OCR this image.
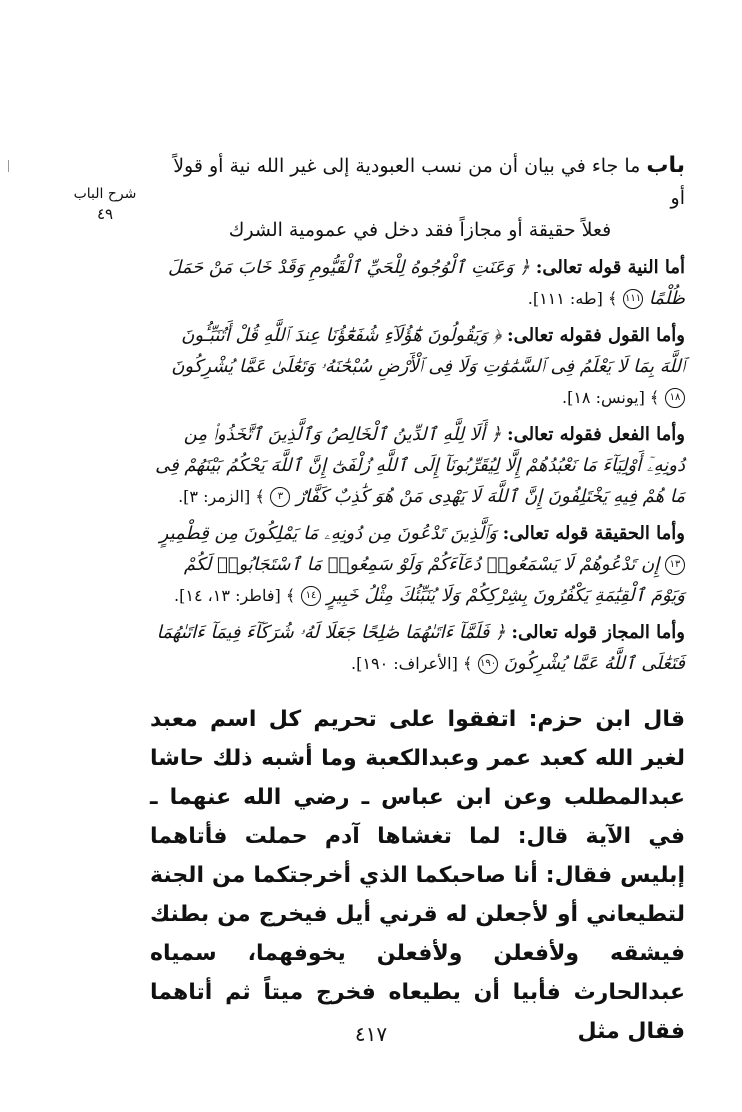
شرح الباب
٤٩

باب ما جاء في بيان أن من نسب العبودية إلى غير الله نية أو قولاً أو

فعلاً حقيقة أو مجازاً فقد دخل في عمومية الشرك

أما النية قوله تعالى: ﴿ وَعَنَتِ ٱلْوُجُوهُ لِلْحَيِّ ٱلْقَيُّومِ وَقَدْ خَابَ مَنْ حَمَلَ ظُلْمًا ١١١ ﴾ [طه: ١١١].

وأما القول فقوله تعالى: ﴿ وَيَقُولُونَ هَٰٓؤُلَآءِ شُفَعَٰٓؤُنَا عِندَ ٱللَّهِ قُلْ أَتُنَبِّـُٔونَ ٱللَّهَ بِمَا لَا يَعْلَمُ فِى ٱلسَّمَٰوَٰتِ وَلَا فِى ٱلْأَرْضِ سُبْحَٰنَهُۥ وَتَعَٰلَىٰ عَمَّا يُشْرِكُونَ ١٨ ﴾ [يونس: ١٨].

وأما الفعل فقوله تعالى: ﴿ أَلَا لِلَّهِ ٱلدِّينُ ٱلْخَالِصُ وَٱلَّذِينَ ٱتَّخَذُوا۟ مِن دُونِهِۦٓ أَوْلِيَآءَ مَا نَعْبُدُهُمْ إِلَّا لِيُقَرِّبُونَآ إِلَى ٱللَّهِ زُلْفَىٰٓ إِنَّ ٱللَّهَ يَحْكُمُ بَيْنَهُمْ فِى مَا هُمْ فِيهِ يَخْتَلِفُونَ إِنَّ ٱللَّهَ لَا يَهْدِى مَنْ هُوَ كَٰذِبٌ كَفَّارٌ ٣ ﴾ [الزمر: ٣].

وأما الحقيقة قوله تعالى: وَٱلَّذِينَ تَدْعُونَ مِن دُونِهِۦ مَا يَمْلِكُونَ مِن قِطْمِيرٍ ١٣ إِن تَدْعُوهُمْ لَا يَسْمَعُوا۟ دُعَآءَكُمْ وَلَوْ سَمِعُوا۟ مَا ٱسْتَجَابُوا۟ لَكُمْ وَيَوْمَ ٱلْقِيَٰمَةِ يَكْفُرُونَ بِشِرْكِكُمْ وَلَا يُنَبِّئُكَ مِثْلُ خَبِيرٍ ١٤ ﴾ [فاطر: ١٣، ١٤].

وأما المجاز قوله تعالى: ﴿ فَلَمَّآ ءَاتَىٰهُمَا صَٰلِحًا جَعَلَا لَهُۥ شُرَكَآءَ فِيمَآ ءَاتَىٰهُمَا فَتَعَٰلَى ٱللَّهُ عَمَّا يُشْرِكُونَ ١٩٠ ﴾ [الأعراف: ١٩٠].

قال ابن حزم: اتفقوا على تحريم كل اسم معبد لغير الله كعبد عمر وعبدالكعبة وما أشبه ذلك حاشا عبدالمطلب وعن ابن عباس ـ رضي الله عنهما ـ في الآية قال: لما تغشاها آدم حملت فأتاهما إبليس فقال: أنا صاحبكما الذي أخرجتكما من الجنة لتطيعاني أو لأجعلن له قرني أيل فيخرج من بطنك فيشقه ولأفعلن ولأفعلن يخوفهما، سمياه عبدالحارث فأبيا أن يطيعاه فخرج ميتاً ثم أتاهما فقال مثل

٤١٧
